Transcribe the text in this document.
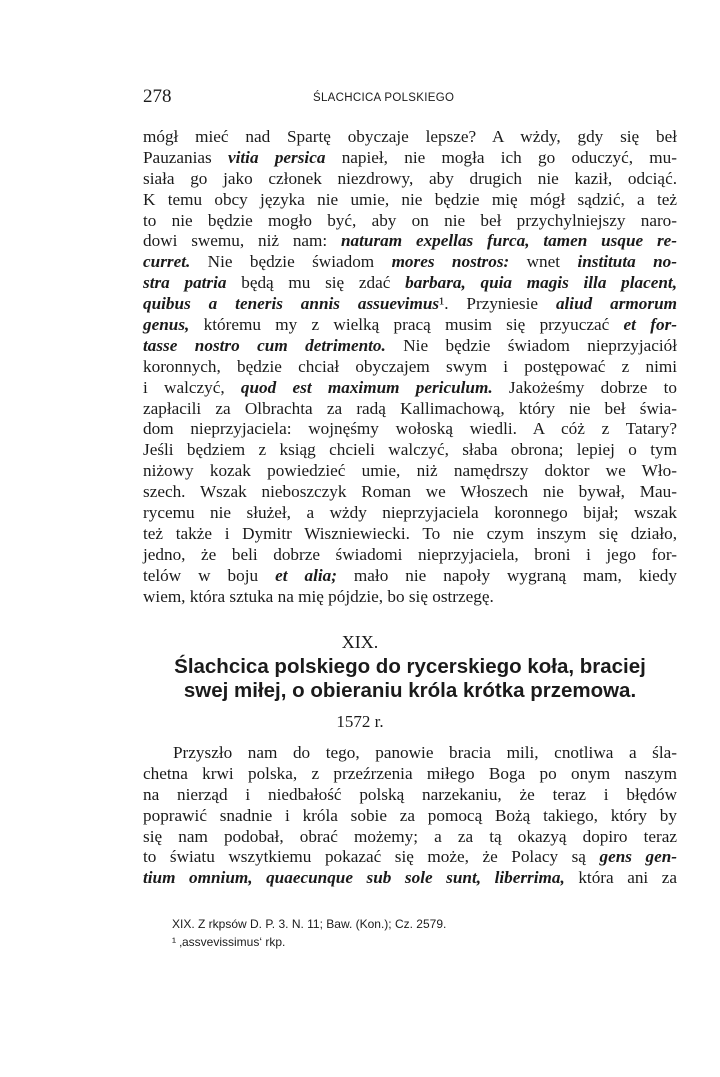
278	ŚLACHCICA POLSKIEGO
mógł mieć nad Spartę obyczaje lepsze? A wżdy, gdy się beł
Pauzanias vitia persica napieł, nie mogła ich go oduczyć, mu-
siała go jako członek niezdrowy, aby drugich nie kaził, odciąć.
K temu obcy języka nie umie, nie będzie mię mógł sądzić, a też
to nie będzie mogło być, aby on nie beł przychylniejszy naro-
dowi swemu, niż nam: naturam expellas furca, tamen usque re-
curret. Nie będzie świadom mores nostros: wnet instituta no-
stra patria będą mu się zdać barbara, quia magis illa placent,
quibus a teneris annis assuevimus¹. Przyniesie aliud armorum
genus, któremu my z wielką pracą musim się przyuczać et for-
tasse nostro cum detrimento. Nie będzie świadom nieprzyjaciół
koronnych, będzie chciał obyczajem swym i postępować z nimi
i walczyć, quod est maximum periculum. Jakożeśmy dobrze to
zapłacili za Olbrachta za radą Kallimachową, który nie beł świa-
dom nieprzyjaciela: wojnęśmy wołoską wiedli. A cóż z Tatary?
Jeśli będziem z ksiąg chcieli walczyć, słaba obrona; lepiej o tym
niżowy kozak powiedzieć umie, niż namędrszy doktor we Wło-
szech. Wszak nieboszczyk Roman we Włoszech nie bywał, Mau-
rycemu nie służeł, a wżdy nieprzyjaciela koronnego bijał; wszak
też także i Dymitr Wiszniewiecki. To nie czym inszym się działo,
jedno, że beli dobrze świadomi nieprzyjaciela, broni i jego for-
telów w boju et alia; mało nie napoły wygraną mam, kiedy
wiem, która sztuka na mię pójdzie, bo się ostrzegę.
XIX.
Ślachcica polskiego do rycerskiego koła, braciej
swej miłej, o obieraniu króla krótka przemowa.
1572 r.
Przyszło nam do tego, panowie bracia mili, cnotliwa a śla-
chetna krwi polska, z przeźrzenia miłego Boga po onym naszym
na nierząd i niedbałość polską narzekaniu, że teraz i błędów
poprawić snadnie i króla sobie za pomocą Bożą takiego, który by
się nam podobał, obrać możemy; a za tą okazyą dopiro teraz
to światu wszytkiemu pokazać się może, że Polacy są gens gen-
tium omnium, quaecunque sub sole sunt, liberrima, która ani za
XIX. Z rkpsów D. P. 3. N. 11; Baw. (Kon.); Cz. 2579.
¹ ‚assvevissimus‘ rkp.
